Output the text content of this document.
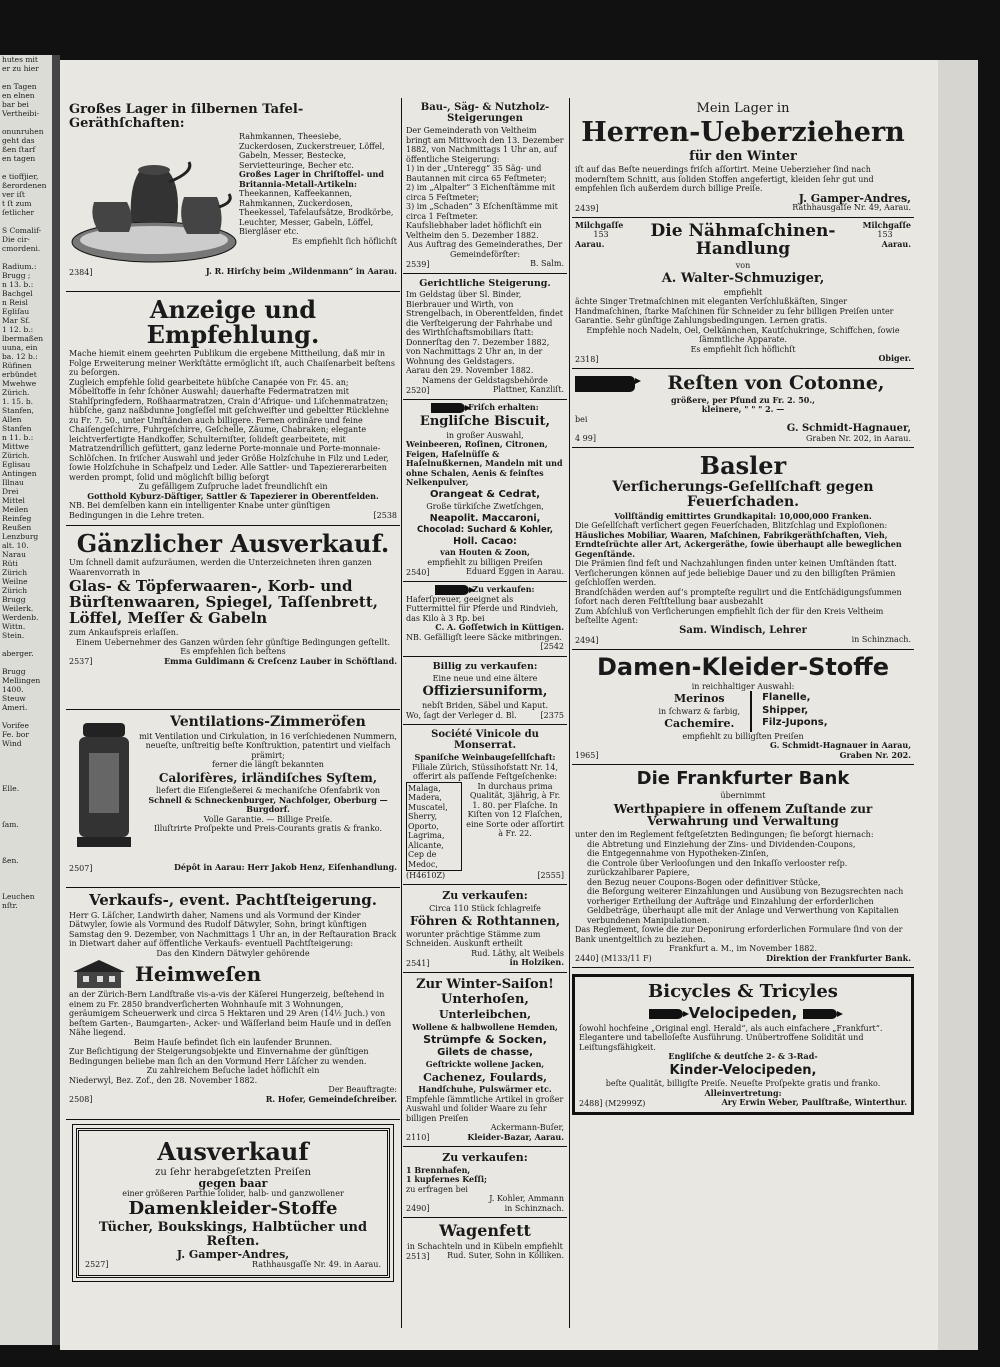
hutes mit
er zu hier

en Tagen
en elnen
bar bei
Vertheibi-

onunruhen
geht das
ßen ſtarf
en tagen

e tioffjier,
ßerordenen
ver iſt
t ſt zum
ſetlicher

S Comalif-
Die cir-
cmordeni.

Radium.:
Brugg ;
n 13. b.:
Bachgel
n Reisl
Egliſau
Mar Sf.
1 12. b.:
lbermaßen
uuna, ein
ba. 12 b.:
Rüfinen
erbündet
Mwehwe
Zürich.
1. 15. b.
Stanfen,
Allen
Stanfen
n 11. b.:
Mittwe
Zürich.
Eglisau
Antingen
Illnau
Drei
Mittel
Meilen
Reinfeg
Reußen
Lenzburg
alt. 10.
Narau
Rüti
Zürich
Weilne
Zürich
Brugg
Weilerk.
Werdenb.
Wittn.
Stein.

aberger.

Brugg
Mellingen
1400.
Steuw
Ameri.

Vorifee
Fe. bor
Wind

Elle.

ſam.

ßen.

Leuchen
nſtr.
Großes Lager in ſilbernen Tafel-Geräthſchaften:

Rahmkannen, Theesiebe, Zuckerdosen, Zuckerstreuer, Löffel, Gabeln, Messer, Bestecke, Servietteuringe, Becher etc.

Großes Lager in Chriſtoffel- und Britannia-Metall-Artikeln:

Theekannen, Kaffeekannen, Rahmkannen, Zuckerdosen, Theekessel, Tafelaufsätze, Brodkörbe, Leuchter, Messer, Gabeln, Löffel, Biergläser etc.

Es empfiehlt ſich höflichſt

2384]	J. R. Hirſchy beim „Wildenmann“ in Aarau.
Anzeige und Empfehlung.

Mache hiemit einem geehrten Publikum die ergebene Mittheilung, daß mir in Folge Erweiterung meiner Werkſtätte ermöglicht iſt, auch Chaiſenarbeit beſtens zu beſorgen.

Zugleich empfehle ſolid gearbeitete hübſche Canapée von Fr. 45. an; Möbelſtoffe in ſehr ſchöner Auswahl; dauerhafte Federmatratzen mit Stahlſpringfedern, Roßhaarmatratzen, Crain d’Afrique- und Liſchenmatratzen; hübſche, ganz naßbdunne Jongſeſſel mit geſchweifter und gebeltter Rücklehne zu Fr. 7. 50., unter Umſtänden auch billigere. Fernen ordinäre und feine Chaiſengeſchirre, Fuhrgeſchirre, Geſchelle, Zäume, Chabraken; elegante leichtverfertigte Handkoffer, Schulterniſter, ſolideſt gearbeitete, mit Matratzendrillich gefüttert, ganz lederne Porte-monnaie und Porte-monnaie-Schlöſchen. In friſcher Auswahl und jeder Größe Holzſchuhe in Filz und Leder, ſowie Holzſchuhe in Schafpelz und Leder. Alle Sattler- und Tapeziererarbeiten werden prompt, ſolid und möglichſt billig beſorgt

Zu gefälligem Zuſpruche ladet freundlichſt ein

Gotthold Kyburz-Däſtiger, Sattler & Tapezierer in Oberentfelden.

NB. Bei demſelben kann ein intelligenter Knabe unter günſtigen Bedingungen in die Lehre treten.	[2538
Gänzlicher Ausverkauf.

Um ſchnell damit aufzuräumen, werden die Unterzeichneten ihren ganzen Waarenvorrath in

Glas- & Töpferwaaren-, Korb- und Bürſtenwaaren, Spiegel, Taſſenbrett, Löffel, Meſſer & Gabeln

zum Ankaufspreis erlaſſen.

Einem Uebernehmer des Ganzen würden ſehr günſtige Bedingungen geſtellt.

Es empfehlen ſich beſtens

2537]	Emma Guldimann & Creſcenz Lauber in Schöftland.
Ventilations-Zimmeröfen

mit Ventilation und Cirkulation, in 16 verſchiedenen Nummern, neueſte, unſtreitig beſte Konſtruktion, patentirt und vielfach prämirt;

ferner die längſt bekannten

Calorifères, irländiſches Syſtem,

liefert die Eiſengießerei & mechaniſche Ofenfabrik von

Schnell & Schneckenburger, Nachfolger, Oberburg — Burgdorf.

Volle Garantie. — Billige Preiſe.

Illuſtrirte Proſpekte und Preis-Courants gratis & franko.

2507]	Dépôt in Aarau: Herr Jakob Henz, Eiſenhandlung.
Verkaufs-, event. Pachtſteigerung.

Herr G. Läſcher, Landwirth daher, Namens und als Vormund der Kinder Dätwyler, ſowie als Vormund des Rudolf Dätwyler, Sohn, bringt künftigen Samstag den 9. Dezember, von Nachmittags 1 Uhr an, in der Reſtauration Brack in Dietwart daher auf öffentliche Verkaufs- eventuell Pachtſteigerung:

Das den Kindern Dätwyler gehörende

Heimweſen

an der Zürich-Bern Landſtraße vis-a-vis der Käſerei Hungerzeig, beſtehend in einem zu Fr. 2850 brandverſicherten Wohnhauſe mit 3 Wohnungen, geräumigem Scheuerwerk und circa 5 Hektaren und 29 Aren (14½ Juch.) von beſtem Garten-, Baumgarten-, Acker- und Wäſſerland beim Hauſe und in deſſen Nähe liegend.

Beim Hauſe befindet ſich ein laufender Brunnen.

Zur Beſichtigung der Steigerungsobjekte und Einvernahme der günſtigen Bedingungen beliebe man ſich an den Vormund Herr Läſcher zu wenden.

Zu zahlreichem Beſuche ladet höflichſt ein

Niederwyl, Bez. Zof., den 28. November 1882.

Der Beauftragte:

2508]	R. Hofer, Gemeindeſchreiber.
Ausverkauf

zu ſehr herabgeſetzten Preiſen

gegen baar

einer größeren Parthie ſolider, halb- und ganzwollener

Damenkleider-Stoffe
Tücher, Boukskings, Halbtücher und Reſten.

J. Gamper-Andres,

2527]	Rathhausgaſſe Nr. 49. in Aarau.
Bau-, Säg- & Nutzholz-Steigerungen

Der Gemeinderath von Veltheim bringt am Mittwoch den 13. Dezember 1882, von Nachmittags 1 Uhr an, auf öffentliche Steigerung:

1) in der „Unteregg“ 35 Säg- und Bautannen mit circa 65 Feſtmeter;

2) im „Alpalter“ 3 Eichenſtämme mit circa 5 Feſtmeter;

3) im „Schaden“ 3 Eſchenſtämme mit circa 1 Feſtmeter.

Kaufsliebhaber ladet höflichſt ein

Veltheim den 5. Dezember 1882.

Aus Auftrag des Gemeinderathes, Der Gemeindeförſter:

2539]	B. Salm.
Gerichtliche Steigerung.

Im Geldstag über Sl. Binder, Bierbrauer und Wirth, von Strengelbach, in Oberentfelden, findet die Verſteigerung der Fahrhabe und des Wirthſchaftsmobiliars ſtatt: Donnerſtag den 7. Dezember 1882, von Nachmittags 2 Uhr an, in der Wohnung des Geldstagers.

Aarau den 29. November 1882.

Namens der Geldstagsbehörde

2520]	Plattner, Kanzliſt.
Friſch erhalten:
Engliſche Biscuit,

in großer Auswahl,

Weinbeeren, Roſinen, Citronen, Feigen, Haſelnüſſe & Haſelnußkernen, Mandeln mit und ohne Schalen, Aenis & feinſtes Nelkenpulver,

Orangeat & Cedrat,

Große türkiſche Zwetſchgen,

Neapolit. Maccaroni,
Chocolad: Suchard & Kohler,
Holl. Cacao:

van Houten & Zoon,

empfiehlt zu billigen Preiſen

2540]	Eduard Eggen in Aarau.
Zu verkaufen:

Haferſpreuer, geeignet als Futtermittel für Pferde und Rindvieh, das Kilo à 3 Rp. bei

C. A. Goſſetwich in Küttigen.

NB. Gefälligſt leere Säcke mitbringen.

[2542

Billig zu verkaufen:

Eine neue und eine ältere

Offiziersuniform,

nebſt Briden, Säbel und Kaput.

Wo, ſagt der Verleger d. Bl.	[2375
Société Vinicole du Monserrat.

Spaniſche Weinbaugeſellſchaft:

Filiale Zürich, Stüssihofstatt Nr. 14, offerirt als paſſende Feſtgeſchenke:

Malaga,

Madera,

Muscatel,

Sherry,

Oporto,

Lagrima,

Alicante,

Cep de Medoc,

In durchaus prima Qualität, 3jährig, à Fr. 1. 80. per Flaſche. In Kiſten von 12 Flaſchen, eine Sorte oder aſſortirt à Fr. 22.

(H4610Z)	[2555]
Zu verkaufen:

Circa 110 Stück ſchlagreife

Föhren & Rothtannen,

worunter prächtige Stämme zum Schneiden. Auskunft ertheilt

Rud. Läthy, alt Weibels

2541]	in Holziken.
Zur Winter-Saiſon!
Unterhoſen,
Unterleibchen,

Wollene & halbwollene Hemden,

Strümpfe & Socken,
Gilets de chasse,

Geſtrickte wollene Jacken,

Cachenez, Foulards,

Handſchuhe, Pulswärmer etc.

Empfehle ſämmtliche Artikel in großer Auswahl und ſolider Waare zu ſehr billigen Preiſen

Ackermann-Buſer,

2110]	Kleider-Bazar, Aarau.
Zu verkaufen:

1 Brennhafen,

1 kupfernes Keſſi;

zu erfragen bei

J. Kohler, Ammann

2490]	in Schinznach.
Wagenfett

in Schachteln und in Kübeln empfiehlt

2513] Rud. Suter, Sohn in Kölliken.

Mein Lager in

Herren-Ueberziehern

für den Winter

iſt auf das Beſte neuerdings friſch aſſortirt. Meine Ueberzieher ſind nach modernſtem Schnitt, aus ſoliden Stoffen angefertigt, kleiden ſehr gut und empfehlen ſich außerdem durch billige Preiſe.

J. Gamper-Andres,

2439]	Rathhausgaſſe Nr. 49, Aarau.

Milchgaſſe

153

Aarau.

Die Nähmaſchinen-Handlung

von

A. Walter-Schmuziger,

Milchgaſſe

153

Aarau.

empfiehlt

ächte Singer Tretmaſchinen mit eleganten Verſchlußkäſten, Singer Handmaſchinen, ſtarke Maſchinen für Schneider zu ſehr billigen Preiſen unter Garantie. Sehr günſtige Zahlungsbedingungen. Lernen gratis.

Empfehle noch Nadeln, Oel, Oelkännchen, Kautſchukringe, Schiffchen, ſowie ſämmtliche Apparate.

Es empfiehlt ſich höflichſt

2318]	Obiger.
Reſten von Cotonne,

größere, per Pfund zu Fr. 2. 50.,

kleinere, " " " 2. —

bei

G. Schmidt-Hagnauer,

4 99]	Graben Nr. 202, in Aarau.
Basler
Verſicherungs-Geſellſchaft gegen Feuerſchaden.

Vollſtändig emittirtes Grundkapital: 10,000,000 Franken.

Die Geſellſchaft verſichert gegen Feuerſchaden, Blitzſchlag und Exploſionen:

Häusliches Mobiliar, Waaren, Maſchinen, Fabrikgeräthſchaften, Vieh, Erndteſrüchte aller Art, Ackergeräthe, ſowie überhaupt alle beweglichen Gegenſtände.

Die Prämien ſind feſt und Nachzahlungen finden unter keinen Umſtänden ſtatt.

Verſicherungen können auf jede beliebige Dauer und zu den billigſten Prämien geſchloſſen werden.

Brandſchäden werden auf’s prompteſte regulirt und die Entſchädigungsſummen ſofort nach deren Feſtſtellung baar ausbezahlt

Zum Abſchluß von Verſicherungen empfiehlt ſich der für den Kreis Veltheim beſtellte Agent:

Sam. Windisch, Lehrer

2494]	in Schinznach.
Damen-Kleider-Stoffe

in reichhaltiger Auswahl:

Merinos

in ſchwarz & farbig,

Cachemire.
Flanelle,
Shipper,
Filz-Jupons,

empfiehlt zu billigſten Preiſen

G. Schmidt-Hagnauer in Aarau,

1965]	Graben Nr. 202.
Die Frankfurter Bank

übernimmt

Werthpapiere in offenem Zuſtande zur Verwahrung und Verwaltung

unter den im Reglement feſtgeſetzten Bedingungen; ſie beſorgt hiernach:

die Abtretung und Einziehung der Zins- und Dividenden-Coupons,

die Entgegennahme von Hypotheken-Zinſen,

die Controle über Verlooſungen und den Inkaſſo verlooster reſp. zurückzahlbarer Papiere,

den Bezug neuer Coupons-Bogen oder definitiver Stücke,

die Beſorgung weiterer Einzahlungen und Ausübung von Bezugsrechten nach vorheriger Ertheilung der Aufträge und Einzahlung der erforderlichen Geldbeträge, überhaupt alle mit der Anlage und Verwerthung von Kapitalien verbundenen Manipulationen.

Das Reglement, ſowie die zur Deponirung erforderlichen Formulare ſind von der Bank unentgeltlich zu beziehen.

Frankfurt a. M., im November 1882.

2440] (M133/11 F)	Direktion der Frankfurter Bank.
Bicycles & Tricyles
Velocipeden,

ſowohl hochfeine „Original engl. Herald“, als auch einfachere „Frankfurt“. Elegantere und tabelloſeſte Ausführung. Unübertroffene Solidität und Leiſtungsfähigkeit.

Engliſche & deutſche 2- & 3-Rad-

Kinder-Velocipeden,

beſte Qualität, billigſte Preiſe. Neueſte Proſpekte gratis und franko.

Alleinvertretung:

2488] (M2999Z)	Ary Erwin Weber, Paulſtraße, Winterthur.
